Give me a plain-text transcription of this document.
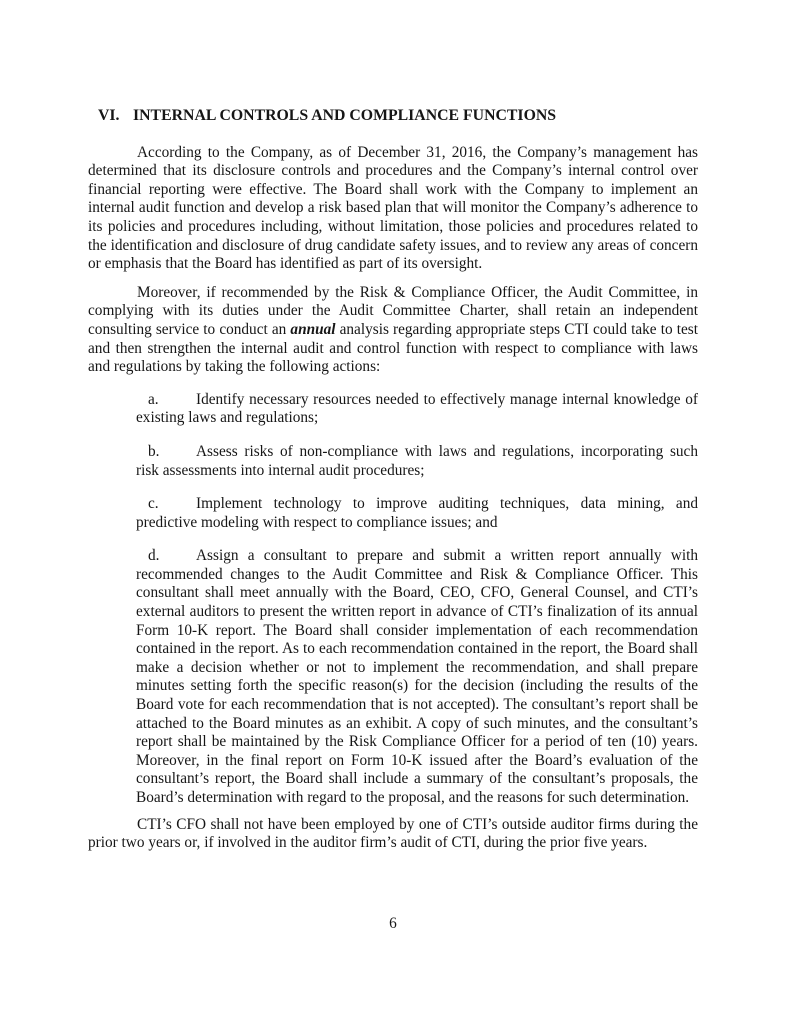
VI. INTERNAL CONTROLS AND COMPLIANCE FUNCTIONS

According to the Company, as of December 31, 2016, the Company’s management has determined that its disclosure controls and procedures and the Company’s internal control over financial reporting were effective. The Board shall work with the Company to implement an internal audit function and develop a risk based plan that will monitor the Company’s adherence to its policies and procedures including, without limitation, those policies and procedures related to the identification and disclosure of drug candidate safety issues, and to review any areas of concern or emphasis that the Board has identified as part of its oversight.

Moreover, if recommended by the Risk & Compliance Officer, the Audit Committee, in complying with its duties under the Audit Committee Charter, shall retain an independent consulting service to conduct an annual analysis regarding appropriate steps CTI could take to test and then strengthen the internal audit and control function with respect to compliance with laws and regulations by taking the following actions:

a. Identify necessary resources needed to effectively manage internal knowledge of existing laws and regulations;

b. Assess risks of non-compliance with laws and regulations, incorporating such risk assessments into internal audit procedures;

c. Implement technology to improve auditing techniques, data mining, and predictive modeling with respect to compliance issues; and

d. Assign a consultant to prepare and submit a written report annually with recommended changes to the Audit Committee and Risk & Compliance Officer. This consultant shall meet annually with the Board, CEO, CFO, General Counsel, and CTI’s external auditors to present the written report in advance of CTI’s finalization of its annual Form 10-K report. The Board shall consider implementation of each recommendation contained in the report. As to each recommendation contained in the report, the Board shall make a decision whether or not to implement the recommendation, and shall prepare minutes setting forth the specific reason(s) for the decision (including the results of the Board vote for each recommendation that is not accepted). The consultant’s report shall be attached to the Board minutes as an exhibit. A copy of such minutes, and the consultant’s report shall be maintained by the Risk Compliance Officer for a period of ten (10) years. Moreover, in the final report on Form 10-K issued after the Board’s evaluation of the consultant’s report, the Board shall include a summary of the consultant’s proposals, the Board’s determination with regard to the proposal, and the reasons for such determination.

CTI’s CFO shall not have been employed by one of CTI’s outside auditor firms during the prior two years or, if involved in the auditor firm’s audit of CTI, during the prior five years.

6
